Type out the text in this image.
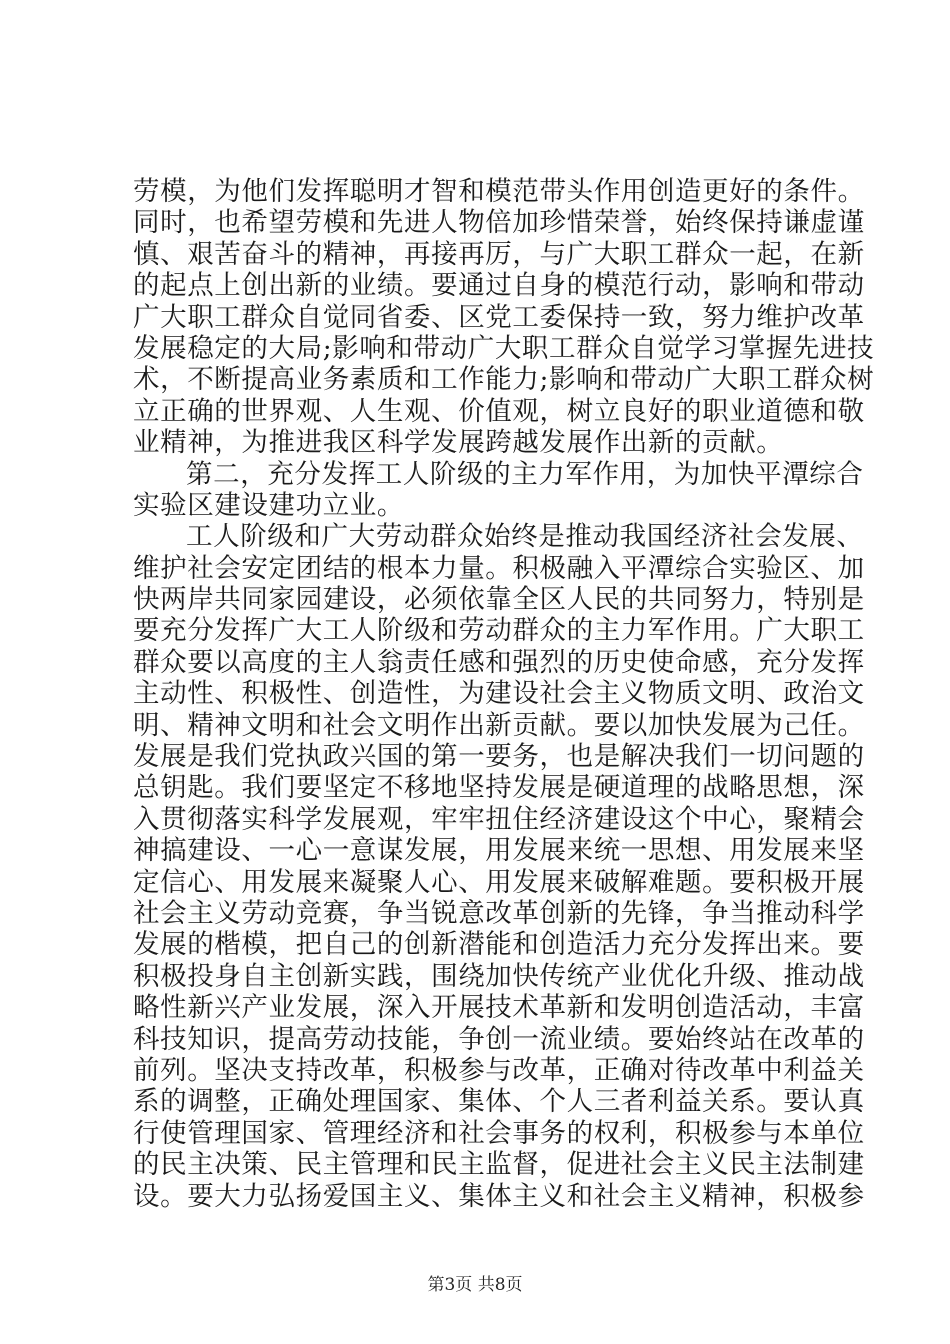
劳模，为他们发挥聪明才智和模范带头作用创造更好的条件。
同时，也希望劳模和先进人物倍加珍惜荣誉，始终保持谦虚谨
慎、艰苦奋斗的精神，再接再厉，与广大职工群众一起，在新
的起点上创出新的业绩。要通过自身的模范行动，影响和带动
广大职工群众自觉同省委、区党工委保持一致，努力维护改革
发展稳定的大局;影响和带动广大职工群众自觉学习掌握先进技
术，不断提高业务素质和工作能力;影响和带动广大职工群众树
立正确的世界观、人生观、价值观，树立良好的职业道德和敬
业精神，为推进我区科学发展跨越发展作出新的贡献。
第二，充分发挥工人阶级的主力军作用，为加快平潭综合
实验区建设建功立业。
工人阶级和广大劳动群众始终是推动我国经济社会发展、
维护社会安定团结的根本力量。积极融入平潭综合实验区、加
快两岸共同家园建设，必须依靠全区人民的共同努力，特别是
要充分发挥广大工人阶级和劳动群众的主力军作用。广大职工
群众要以高度的主人翁责任感和强烈的历史使命感，充分发挥
主动性、积极性、创造性，为建设社会主义物质文明、政治文
明、精神文明和社会文明作出新贡献。要以加快发展为己任。
发展是我们党执政兴国的第一要务，也是解决我们一切问题的
总钥匙。我们要坚定不移地坚持发展是硬道理的战略思想，深
入贯彻落实科学发展观，牢牢扭住经济建设这个中心，聚精会
神搞建设、一心一意谋发展，用发展来统一思想、用发展来坚
定信心、用发展来凝聚人心、用发展来破解难题。要积极开展
社会主义劳动竞赛，争当锐意改革创新的先锋，争当推动科学
发展的楷模，把自己的创新潜能和创造活力充分发挥出来。要
积极投身自主创新实践，围绕加快传统产业优化升级、推动战
略性新兴产业发展，深入开展技术革新和发明创造活动，丰富
科技知识，提高劳动技能，争创一流业绩。要始终站在改革的
前列。坚决支持改革，积极参与改革，正确对待改革中利益关
系的调整，正确处理国家、集体、个人三者利益关系。要认真
行使管理国家、管理经济和社会事务的权利，积极参与本单位
的民主决策、民主管理和民主监督，促进社会主义民主法制建
设。要大力弘扬爱国主义、集体主义和社会主义精神，积极参
第3页 共8页
